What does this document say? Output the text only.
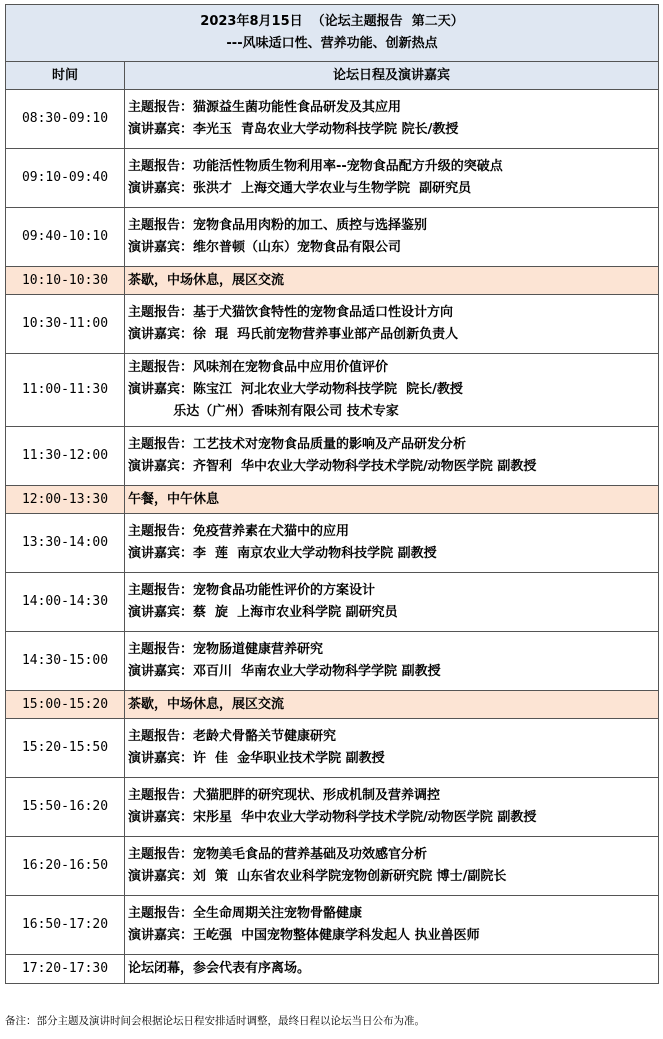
2023年8月15日  （论坛主题报告  第二天）
---风味适口性、营养功能、创新热点	

时间	论坛日程及演讲嘉宾
08:30-09:10	主题报告：猫源益生菌功能性食品研发及其应用
演讲嘉宾：李光玉  青岛农业大学动物科技学院 院长/教授

09:10-09:40	主题报告：功能活性物质生物利用率--宠物食品配方升级的突破点
演讲嘉宾：张洪才  上海交通大学农业与生物学院  副研究员

09:40-10:10	主题报告：宠物食品用肉粉的加工、质控与选择鉴别
演讲嘉宾：维尔普顿（山东）宠物食品有限公司

10:10-10:30	茶歇，中场休息，展区交流

10:30-11:00	主题报告：基于犬猫饮食特性的宠物食品适口性设计方向
演讲嘉宾：徐  琨  玛氏前宠物营养事业部产品创新负责人

11:00-11:30	主题报告：风味剂在宠物食品中应用价值评价
演讲嘉宾：陈宝江  河北农业大学动物科技学院  院长/教授
乐达（广州）香味剂有限公司 技术专家

11:30-12:00	主题报告：工艺技术对宠物食品质量的影响及产品研发分析
演讲嘉宾：齐智利  华中农业大学动物科学技术学院/动物医学院 副教授

12:00-13:30	午餐，中午休息

13:30-14:00	主题报告：免疫营养素在犬猫中的应用
演讲嘉宾：李  莲  南京农业大学动物科技学院 副教授

14:00-14:30	主题报告：宠物食品功能性评价的方案设计
演讲嘉宾：蔡  旋  上海市农业科学院 副研究员

14:30-15:00	主题报告：宠物肠道健康营养研究
演讲嘉宾：邓百川  华南农业大学动物科学学院 副教授

15:00-15:20	茶歇，中场休息，展区交流

15:20-15:50	主题报告：老龄犬骨骼关节健康研究
演讲嘉宾：许  佳  金华职业技术学院 副教授

15:50-16:20	主题报告：犬猫肥胖的研究现状、形成机制及营养调控
演讲嘉宾：宋彤星  华中农业大学动物科学技术学院/动物医学院 副教授

16:20-16:50	主题报告：宠物美毛食品的营养基础及功效感官分析
演讲嘉宾：刘  策  山东省农业科学院宠物创新研究院 博士/副院长

16:50-17:20	主题报告：全生命周期关注宠物骨骼健康
演讲嘉宾：王屹强  中国宠物整体健康学科发起人 执业兽医师

17:20-17:30	论坛闭幕，参会代表有序离场。
备注：部分主题及演讲时间会根据论坛日程安排适时调整，最终日程以论坛当日公布为准。
